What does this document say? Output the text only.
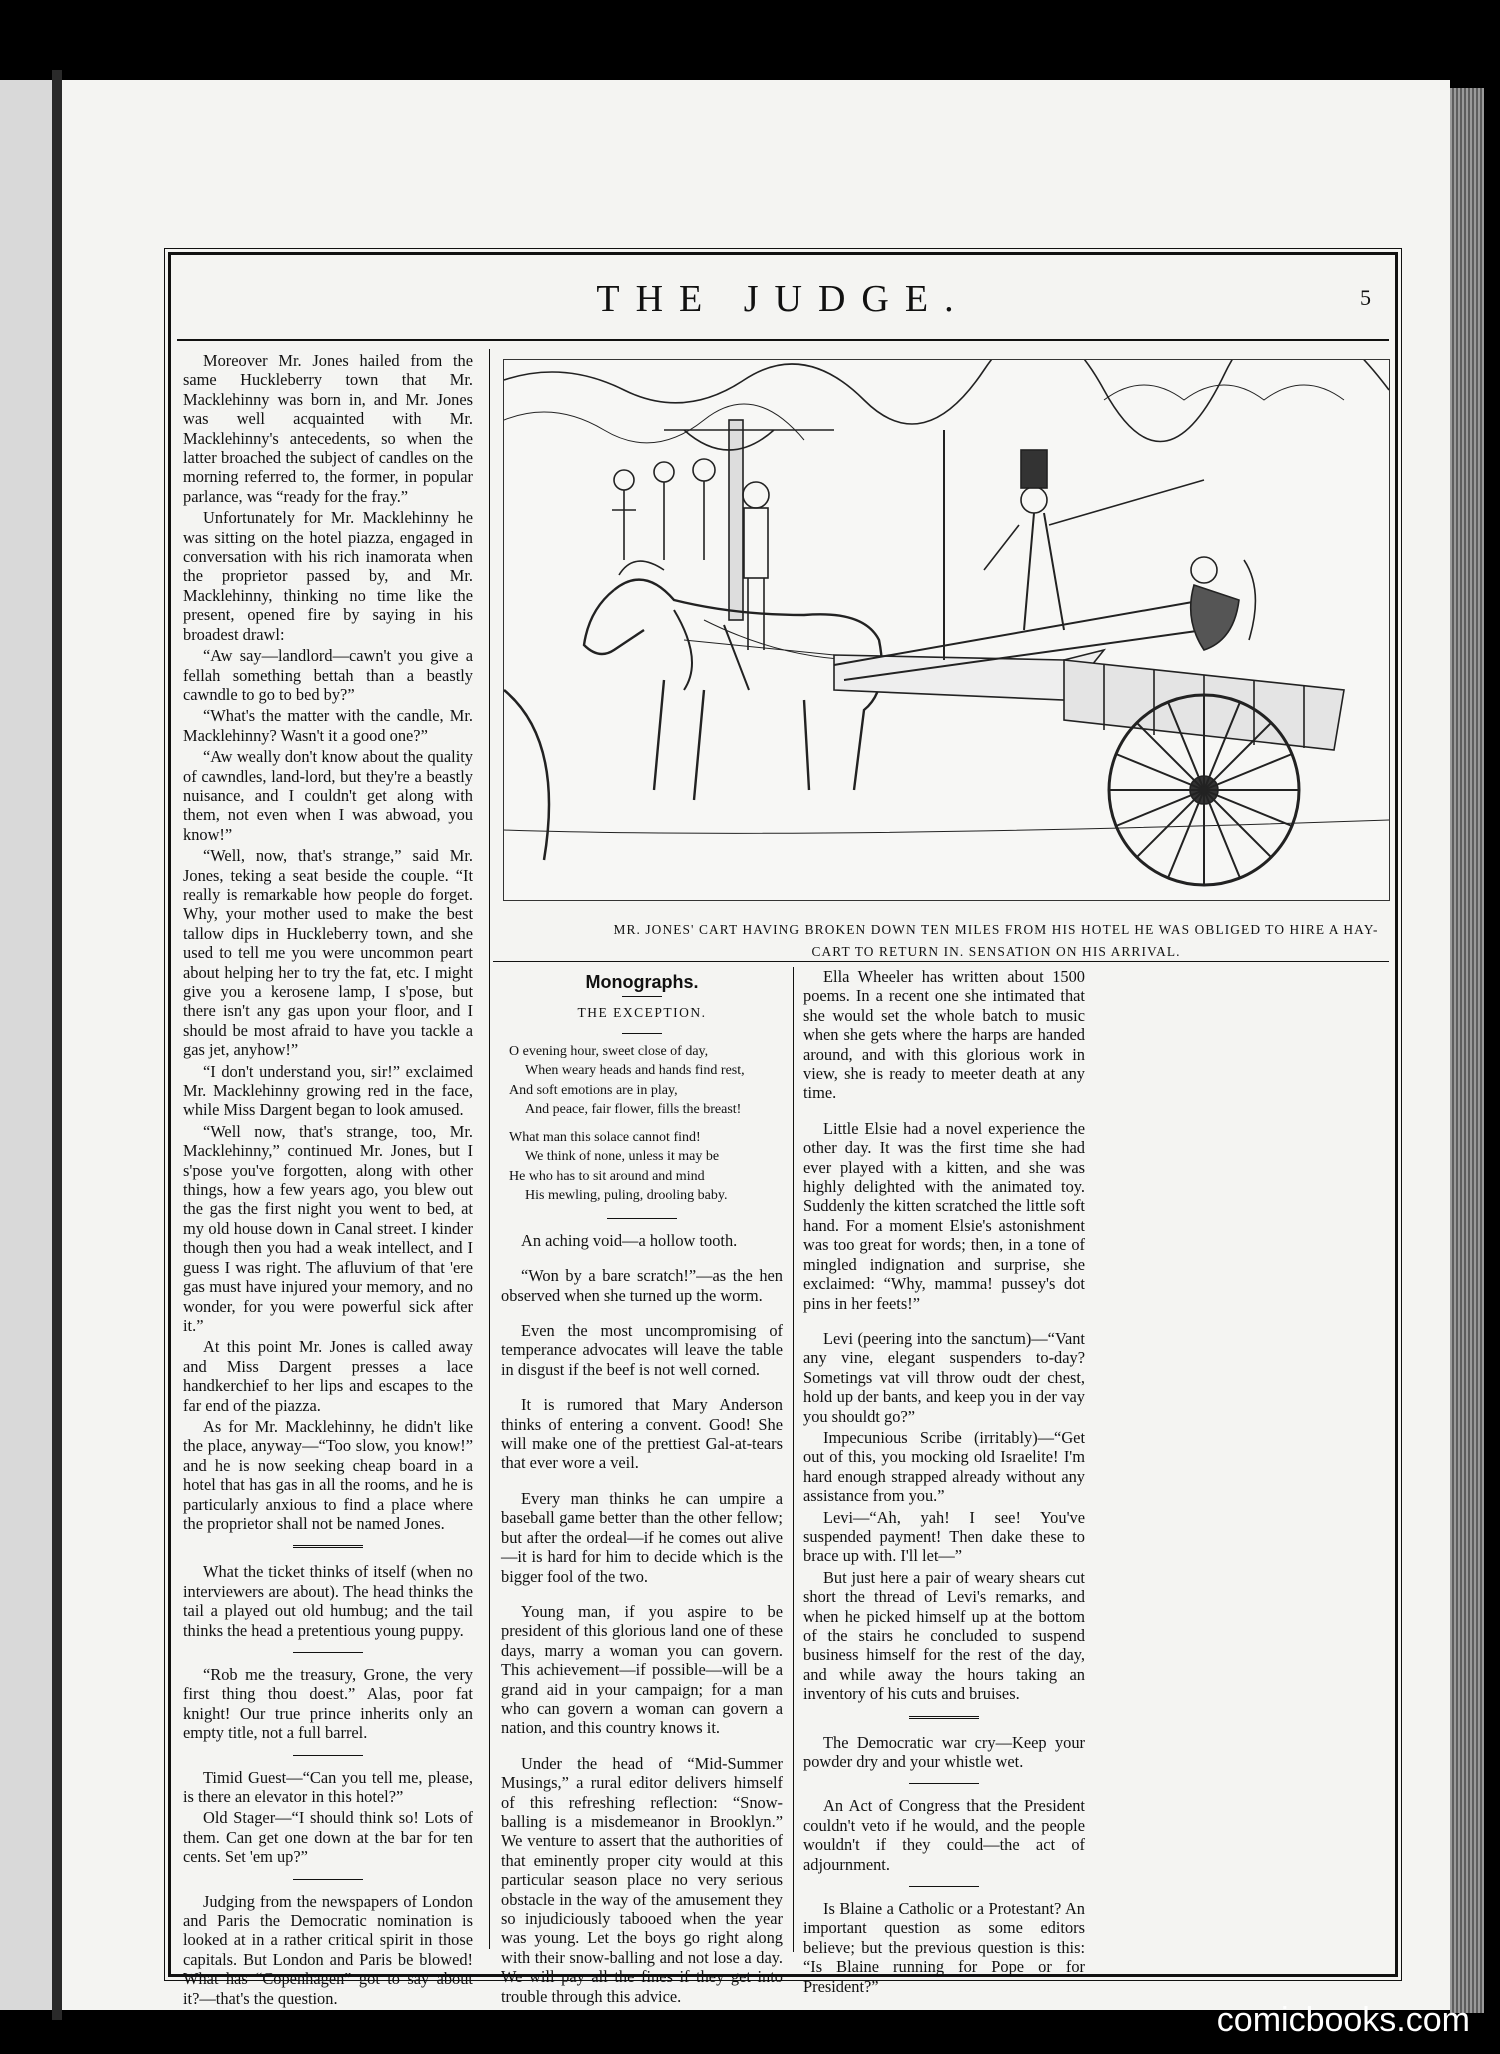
THE JUDGE.	5

Moreover Mr. Jones hailed from the same Huckleberry town that Mr. Macklehinny was born in, and Mr. Jones was well acquainted with Mr. Macklehinny's antecedents, so when the latter broached the subject of candles on the morning referred to, the former, in popular parlance, was “ready for the fray.”

Unfortunately for Mr. Macklehinny he was sitting on the hotel piazza, engaged in conversation with his rich inamorata when the proprietor passed by, and Mr. Macklehinny, thinking no time like the present, opened fire by saying in his broadest drawl:

“Aw say—landlord—cawn't you give a fellah something bettah than a beastly cawndle to go to bed by?”

“What's the matter with the candle, Mr. Macklehinny? Wasn't it a good one?”

“Aw weally don't know about the quality of cawndles, land-lord, but they're a beastly nuisance, and I couldn't get along with them, not even when I was abwoad, you know!”

“Well, now, that's strange,” said Mr. Jones, teking a seat beside the couple. “It really is remarkable how people do forget. Why, your mother used to make the best tallow dips in Huckleberry town, and she used to tell me you were uncommon peart about helping her to try the fat, etc. I might give you a kerosene lamp, I s'pose, but there isn't any gas upon your floor, and I should be most afraid to have you tackle a gas jet, anyhow!”

“I don't understand you, sir!” exclaimed Mr. Macklehinny growing red in the face, while Miss Dargent began to look amused.

“Well now, that's strange, too, Mr. Macklehinny,” continued Mr. Jones, but I s'pose you've forgotten, along with other things, how a few years ago, you blew out the gas the first night you went to bed, at my old house down in Canal street. I kinder though then you had a weak intellect, and I guess I was right. The afluvium of that 'ere gas must have injured your memory, and no wonder, for you were powerful sick after it.”

At this point Mr. Jones is called away and Miss Dargent presses a lace handkerchief to her lips and escapes to the far end of the piazza.

As for Mr. Macklehinny, he didn't like the place, anyway—“Too slow, you know!” and he is now seeking cheap board in a hotel that has gas in all the rooms, and he is particularly anxious to find a place where the proprietor shall not be named Jones.

What the ticket thinks of itself (when no interviewers are about). The head thinks the tail a played out old humbug; and the tail thinks the head a pretentious young puppy.

“Rob me the treasury, Grone, the very first thing thou doest.” Alas, poor fat knight! Our true prince inherits only an empty title, not a full barrel.

Timid Guest—“Can you tell me, please, is there an elevator in this hotel?”

Old Stager—“I should think so! Lots of them. Can get one down at the bar for ten cents. Set 'em up?”

Judging from the newspapers of London and Paris the Democratic nomination is looked at in a rather critical spirit in those capitals. But London and Paris be blowed! What has “Copenhagen” got to say about it?—that's the question.

MR. JONES' CART HAVING BROKEN DOWN TEN MILES FROM HIS HOTEL HE WAS OBLIGED TO HIRE A HAY-CART TO RETURN IN. SENSATION ON HIS ARRIVAL.
Monographs.
THE EXCEPTION.
O evening hour, sweet close of day,
When weary heads and hands find rest,
And soft emotions are in play,
And peace, fair flower, fills the breast!
What man this solace cannot find!
We think of none, unless it may be
He who has to sit around and mind
His mewling, puling, drooling baby.

An aching void—a hollow tooth.

“Won by a bare scratch!”—as the hen observed when she turned up the worm.

Even the most uncompromising of temperance advocates will leave the table in disgust if the beef is not well corned.

It is rumored that Mary Anderson thinks of entering a convent. Good! She will make one of the prettiest Gal-at-tears that ever wore a veil.

Every man thinks he can umpire a baseball game better than the other fellow; but after the ordeal—if he comes out alive—it is hard for him to decide which is the bigger fool of the two.

Young man, if you aspire to be president of this glorious land one of these days, marry a woman you can govern. This achievement—if possible—will be a grand aid in your campaign; for a man who can govern a woman can govern a nation, and this country knows it.

Under the head of “Mid-Summer Musings,” a rural editor delivers himself of this refreshing reflection: “Snow-balling is a misdemeanor in Brooklyn.” We venture to assert that the authorities of that eminently proper city would at this particular season place no very serious obstacle in the way of the amusement they so injudiciously tabooed when the year was young. Let the boys go right along with their snow-balling and not lose a day. We will pay all the fines if they get into trouble through this advice.

Ella Wheeler has written about 1500 poems. In a recent one she intimated that she would set the whole batch to music when she gets where the harps are handed around, and with this glorious work in view, she is ready to meeter death at any time.

Little Elsie had a novel experience the other day. It was the first time she had ever played with a kitten, and she was highly delighted with the animated toy. Suddenly the kitten scratched the little soft hand. For a moment Elsie's astonishment was too great for words; then, in a tone of mingled indignation and surprise, she exclaimed: “Why, mamma! pussey's dot pins in her feets!”

Levi (peering into the sanctum)—“Vant any vine, elegant suspenders to-day? Sometings vat vill throw oudt der chest, hold up der bants, and keep you in der vay you shouldt go?”

Impecunious Scribe (irritably)—“Get out of this, you mocking old Israelite! I'm hard enough strapped already without any assistance from you.”

Levi—“Ah, yah! I see! You've suspended payment! Then dake these to brace up with. I'll let—”

But just here a pair of weary shears cut short the thread of Levi's remarks, and when he picked himself up at the bottom of the stairs he concluded to suspend business himself for the rest of the day, and while away the hours taking an inventory of his cuts and bruises.

The Democratic war cry—Keep your powder dry and your whistle wet.

An Act of Congress that the President couldn't veto if he would, and the people wouldn't if they could—the act of adjournment.

Is Blaine a Catholic or a Protestant? An important question as some editors believe; but the previous question is this: “Is Blaine running for Pope or for President?”

comicbooks.com
